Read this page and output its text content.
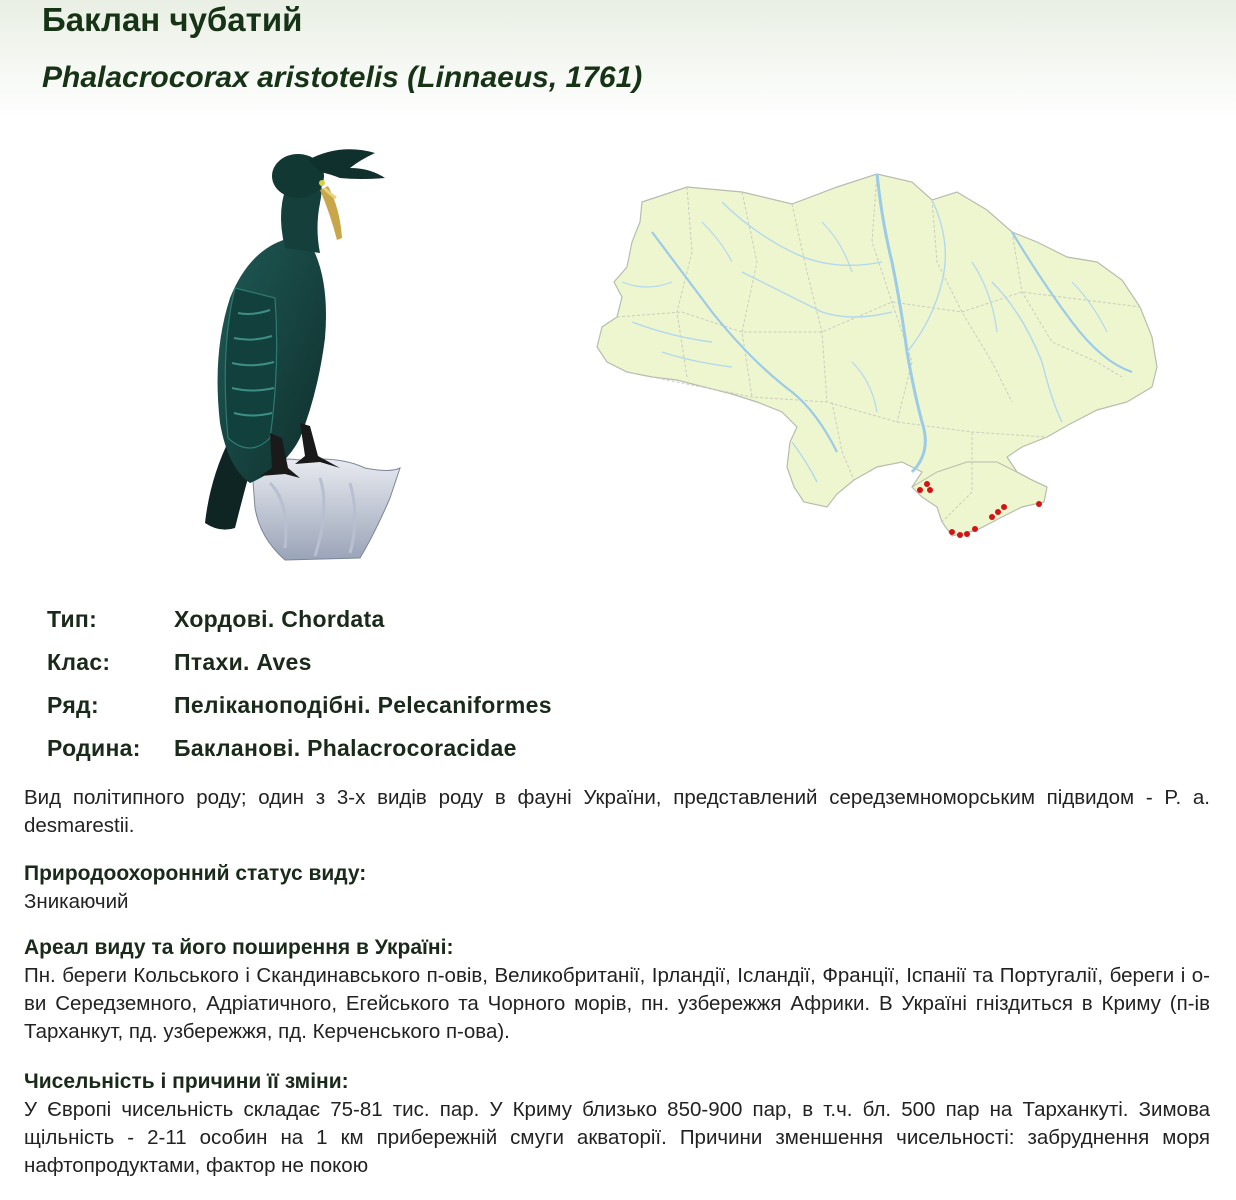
Баклан чубатий
Phalacrocorax aristotelis (Linnaeus, 1761)
Тип:	Хордові. Chordata
Клас:	Птахи. Aves
Ряд:	Пеліканоподібні. Pelecaniformes
Родина:	Бакланові. Phalacrocoracidae

Вид політипного роду; один з 3-х видів роду в фауні України, представлений середземноморським підвидом - P. a. desmarestii.

Природоохоронний статус виду:

Зникаючий

Ареал виду та його поширення в Україні:

Пн. береги Кольського і Скандинавського п-овів, Великобританії, Ірландії, Ісландії, Франції, Іспанії та Португалії, береги і о-ви Середземного, Адріатичного, Егейського та Чорного морів, пн. узбережжя Африки. В Україні гніздиться в Криму (п-ів Тарханкут, пд. узбережжя, пд. Керченського п-ова).

Чисельність і причини її зміни:

У Європі чисельність складає 75-81 тис. пар. У Криму близько 850-900 пар, в т.ч. бл. 500 пар на Тарханкуті. Зимова щільність - 2-11 особин на 1 км прибережній смуги акваторії. Причини зменшення чисельності: забруднення моря нафтопродуктами, фактор не покою
